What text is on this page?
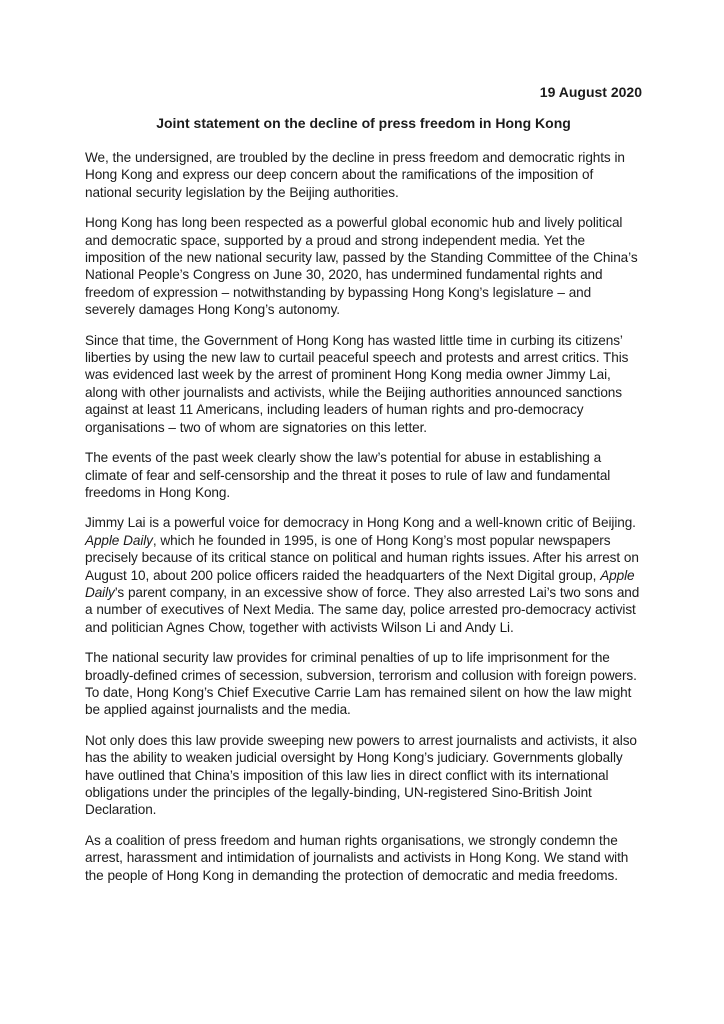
19 August 2020

Joint statement on the decline of press freedom in Hong Kong

We, the undersigned, are troubled by the decline in press freedom and democratic rights in Hong Kong and express our deep concern about the ramifications of the imposition of national security legislation by the Beijing authorities.

Hong Kong has long been respected as a powerful global economic hub and lively political and democratic space, supported by a proud and strong independent media. Yet the imposition of the new national security law, passed by the Standing Committee of the China’s National People’s Congress on June 30, 2020, has undermined fundamental rights and freedom of expression – notwithstanding by bypassing Hong Kong’s legislature – and severely damages Hong Kong’s autonomy.

Since that time, the Government of Hong Kong has wasted little time in curbing its citizens’ liberties by using the new law to curtail peaceful speech and protests and arrest critics. This was evidenced last week by the arrest of prominent Hong Kong media owner Jimmy Lai, along with other journalists and activists, while the Beijing authorities announced sanctions against at least 11 Americans, including leaders of human rights and pro-democracy organisations – two of whom are signatories on this letter.

The events of the past week clearly show the law’s potential for abuse in establishing a climate of fear and self-censorship and the threat it poses to rule of law and fundamental freedoms in Hong Kong.

Jimmy Lai is a powerful voice for democracy in Hong Kong and a well-known critic of Beijing. Apple Daily, which he founded in 1995, is one of Hong Kong’s most popular newspapers precisely because of its critical stance on political and human rights issues. After his arrest on August 10, about 200 police officers raided the headquarters of the Next Digital group, Apple Daily’s parent company, in an excessive show of force. They also arrested Lai’s two sons and a number of executives of Next Media. The same day, police arrested pro-democracy activist and politician Agnes Chow, together with activists Wilson Li and Andy Li.

The national security law provides for criminal penalties of up to life imprisonment for the broadly-defined crimes of secession, subversion, terrorism and collusion with foreign powers. To date, Hong Kong’s Chief Executive Carrie Lam has remained silent on how the law might be applied against journalists and the media.

Not only does this law provide sweeping new powers to arrest journalists and activists, it also has the ability to weaken judicial oversight by Hong Kong’s judiciary. Governments globally have outlined that China’s imposition of this law lies in direct conflict with its international obligations under the principles of the legally-binding, UN-registered Sino-British Joint Declaration.

As a coalition of press freedom and human rights organisations, we strongly condemn the arrest, harassment and intimidation of journalists and activists in Hong Kong. We stand with the people of Hong Kong in demanding the protection of democratic and media freedoms.
